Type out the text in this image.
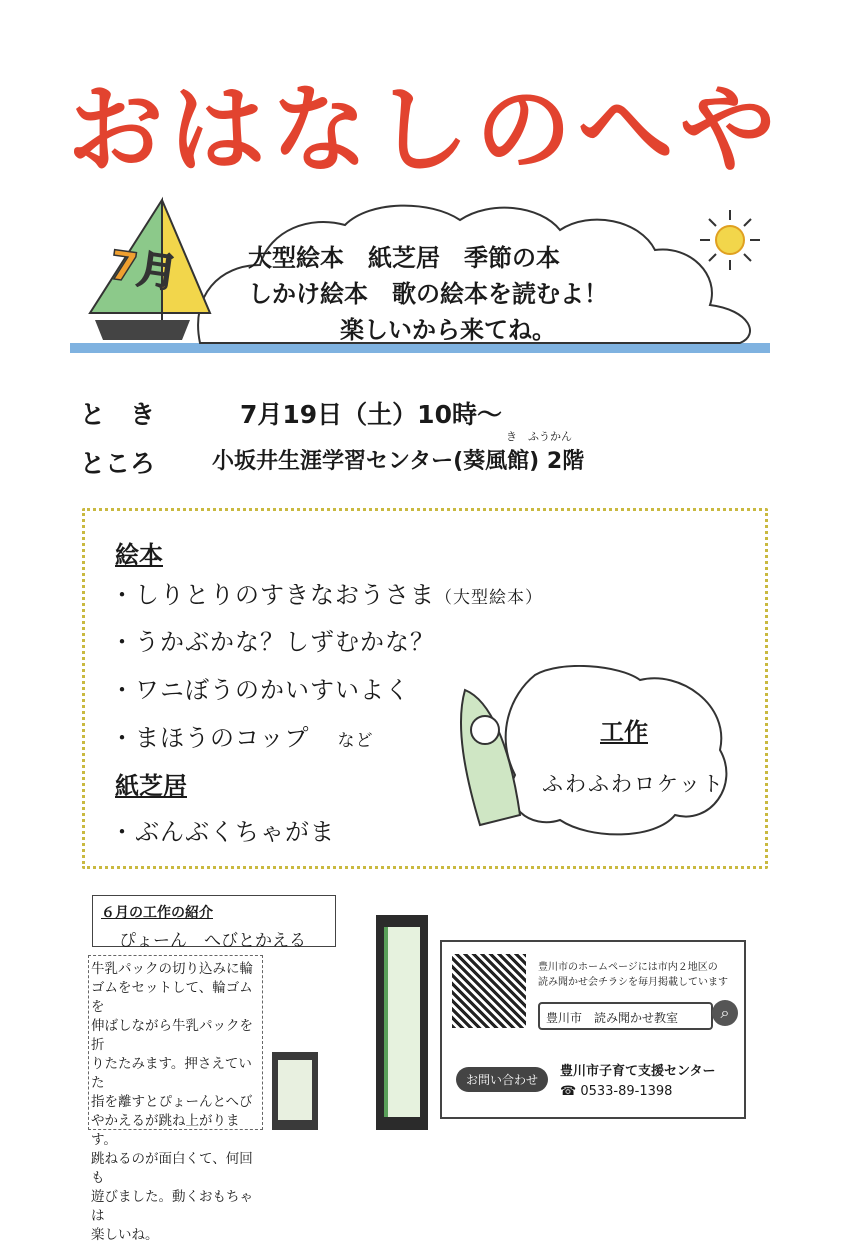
おはなしのへや
7月	大型絵本　紙芝居　季節の本
しかけ絵本　歌の絵本を読むよ！
楽しいから来てね。
と　き	7月19日（土）10時～
き　ふうかん
ところ	小坂井生涯学習センター(葵風館) 2階
絵本
・しりとりのすきなおうさま（大型絵本）
・うかぶかな？しずむかな？
・ワニぼうのかいすいよく
・まほうのコップ など
紙芝居
・ぶんぶくちゃがま
工作
ふわふわロケット
６月の工作の紹介
ぴょーん　へびとかえる
牛乳パックの切り込みに輪
ゴムをセットして、輪ゴムを
伸ばしながら牛乳パックを折
りたたみます。押さえていた
指を離すとぴょーんとへび
やかえるが跳ね上がります。
跳ねるのが面白くて、何回も
遊びました。動くおもちゃは
楽しいね。
豊川市のホームページには市内２地区の
読み聞かせ会チラシを毎月掲載しています
豊川市　読み聞かせ教室	⌕
お問い合わせ
豊川市子育て支援センター
☎ 0533-89-1398
